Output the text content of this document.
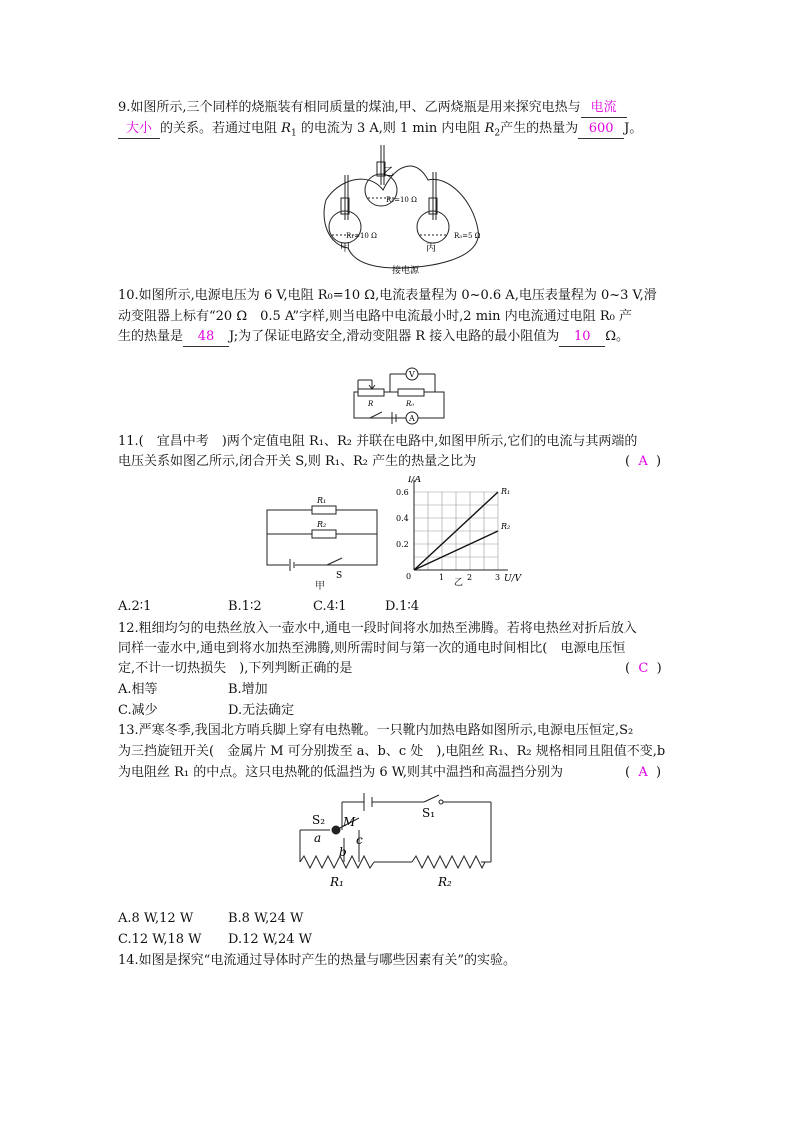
9.如图所示,三个同样的烧瓶装有相同质量的煤油,甲、乙两烧瓶是用来探究电热与 电流
大小 的关系。若通过电阻 $R_1$ 的电流为 3 A,则 1 min 内电阻 $R_2$产生的热量为 600 J。
乙
R₂=10 Ω
R₁=10 Ω	R₃=5 Ω
甲	丙
接电源
10.如图所示,电源电压为 6 V,电阻 R₀=10 Ω,电流表量程为 0~0.6 A,电压表量程为 0~3 V,滑
动变阻器上标有“20 Ω　0.5 A”字样,则当电路中电流最小时,2 min 内电流通过电阻 R₀ 产
生的热量是 48 J;为了保证电路安全,滑动变阻器 R 接入电路的最小阻值为 10 Ω。
V
A
R	R₀
11.(　宜昌中考　)两个定值电阻 R₁、R₂ 并联在电路中,如图甲所示,它们的电流与其两端的
电压关系如图乙所示,闭合开关 S,则 R₁、R₂ 产生的热量之比为	( A )
R₁
R₂
S
甲
I/A
U/V
0	1	2	3
0.2
0.4
0.6	R₁
R₂
乙
A.2∶1	B.1∶2	C.4∶1	D.1∶4
12.粗细均匀的电热丝放入一壶水中,通电一段时间将水加热至沸腾。若将电热丝对折后放入
同样一壶水中,通电到将水加热至沸腾,则所需时间与第一次的通电时间相比(　电源电压恒
定,不计一切热损失　),下列判断正确的是	( C )
A.相等	B.增加
C.减少	D.无法确定
13.严寒冬季,我国北方哨兵脚上穿有电热靴。一只靴内加热电路如图所示,电源电压恒定,S₂
为三挡旋钮开关(　金属片 M 可分别拨至 a、b、c 处　),电阻丝 R₁、R₂ 规格相同且阻值不变,b
为电阻丝 R₁ 的中点。这只电热靴的低温挡为 6 W,则其中温挡和高温挡分别为	( A )
S₂ M
a
b
c
S₁
R₁	R₂
A.8 W,12 W	B.8 W,24 W
C.12 W,18 W D.12 W,24 W
14.如图是探究“电流通过导体时产生的热量与哪些因素有关”的实验。
